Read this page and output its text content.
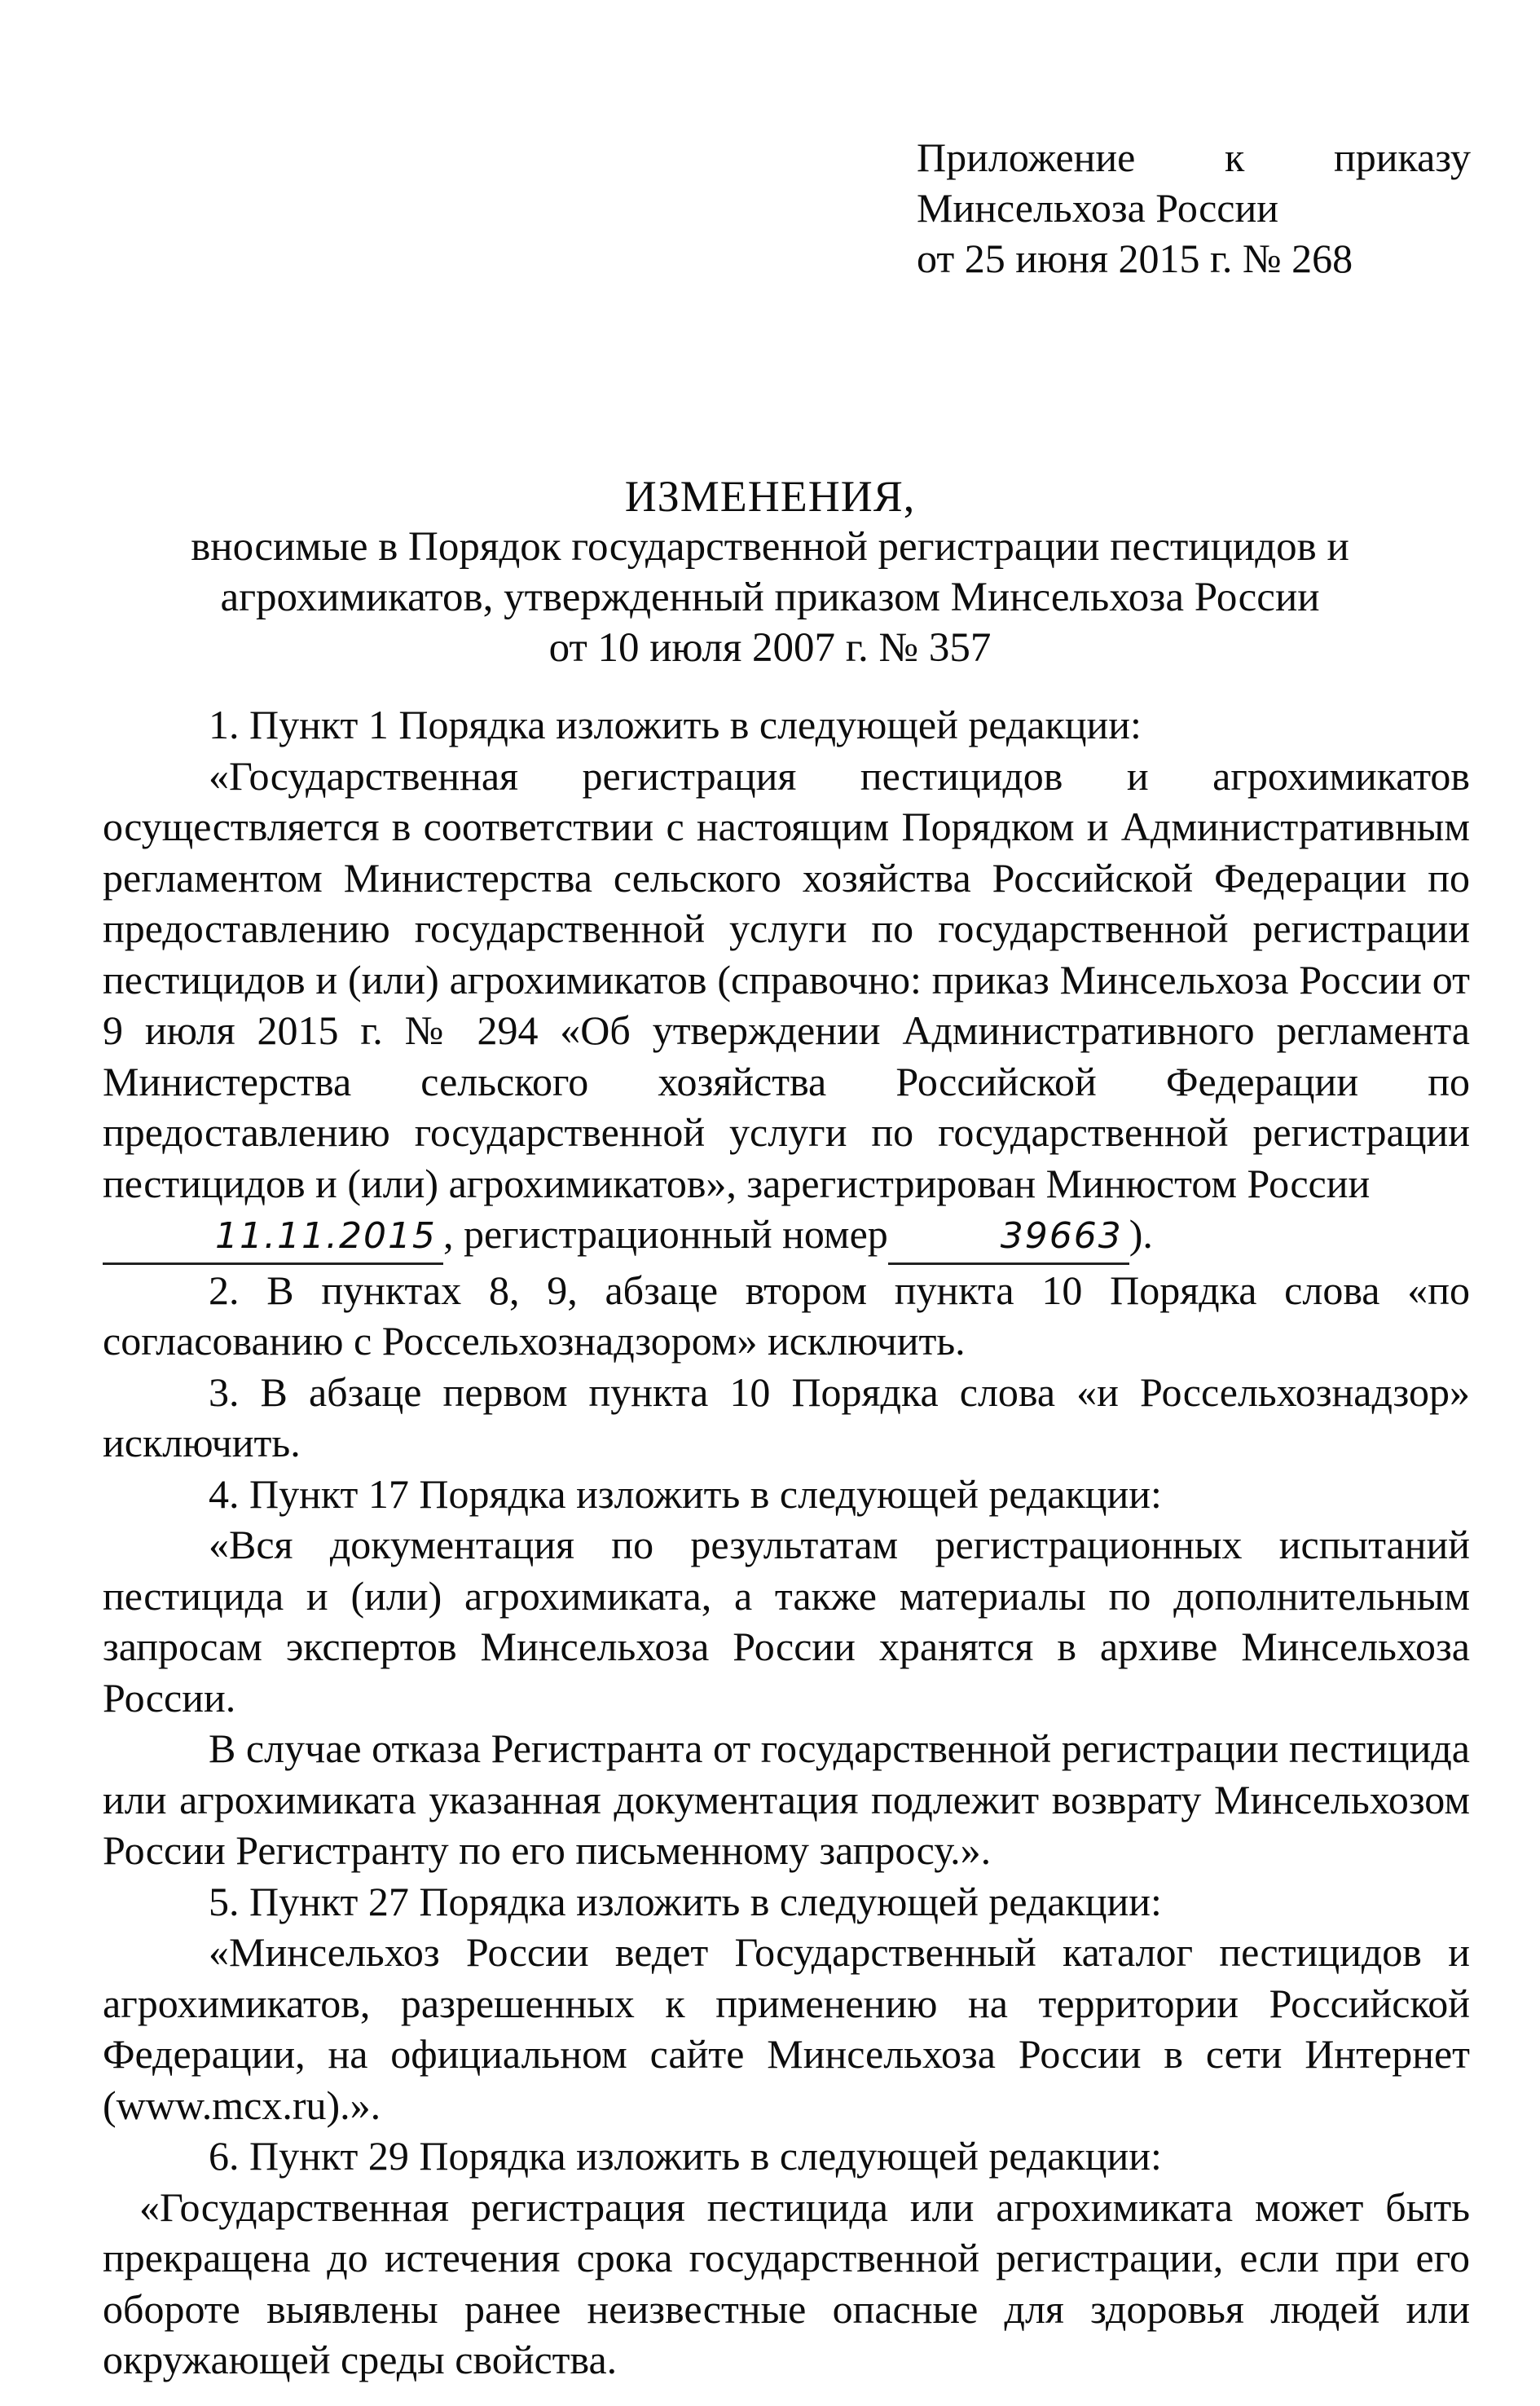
Приложение к приказу
Минсельхоза России
от 25 июня 2015 г. № 268
ИЗМЕНЕНИЯ,
вносимые в Порядок государственной регистрации пестицидов и
агрохимикатов, утвержденный приказом Минсельхоза России
от 10 июля 2007 г. № 357

1. Пункт 1 Порядка изложить в следующей редакции:

«Государственная регистрация пестицидов и агрохимикатов осуществляется в соответствии с настоящим Порядком и Административным регламентом Министерства сельского хозяйства Российской Федерации по предоставлению государственной услуги по государственной регистрации пестицидов и (или) агрохимикатов (справочно: приказ Минсельхоза России от 9 июля 2015 г. № 294 «Об утверждении Административного регламента Министерства сельского хозяйства Российской Федерации по предоставлению государственной услуги по государственной регистрации пестицидов и (или) агрохимикатов», зарегистрирован Минюстом России
11.11.2015 , регистрационный номер	39663 ).

2. В пунктах 8, 9, абзаце втором пункта 10 Порядка слова «по согласованию с Россельхознадзором» исключить.

3. В абзаце первом пункта 10 Порядка слова «и Россельхознадзор» исключить.

4. Пункт 17 Порядка изложить в следующей редакции:

«Вся документация по результатам регистрационных испытаний пестицида и (или) агрохимиката, а также материалы по дополнительным запросам экспертов Минсельхоза России хранятся в архиве Минсельхоза России.

В случае отказа Регистранта от государственной регистрации пестицида или агрохимиката указанная документация подлежит возврату Минсельхозом России Регистранту по его письменному запросу.».

5. Пункт 27 Порядка изложить в следующей редакции:

«Минсельхоз России ведет Государственный каталог пестицидов и агрохимикатов, разрешенных к применению на территории Российской Федерации, на официальном сайте Минсельхоза России в сети Интернет (www.mcx.ru).».

6. Пункт 29 Порядка изложить в следующей редакции:

«Государственная регистрация пестицида или агрохимиката может быть прекращена до истечения срока государственной регистрации, если при его обороте выявлены ранее неизвестные опасные для здоровья людей или окружающей среды свойства.
